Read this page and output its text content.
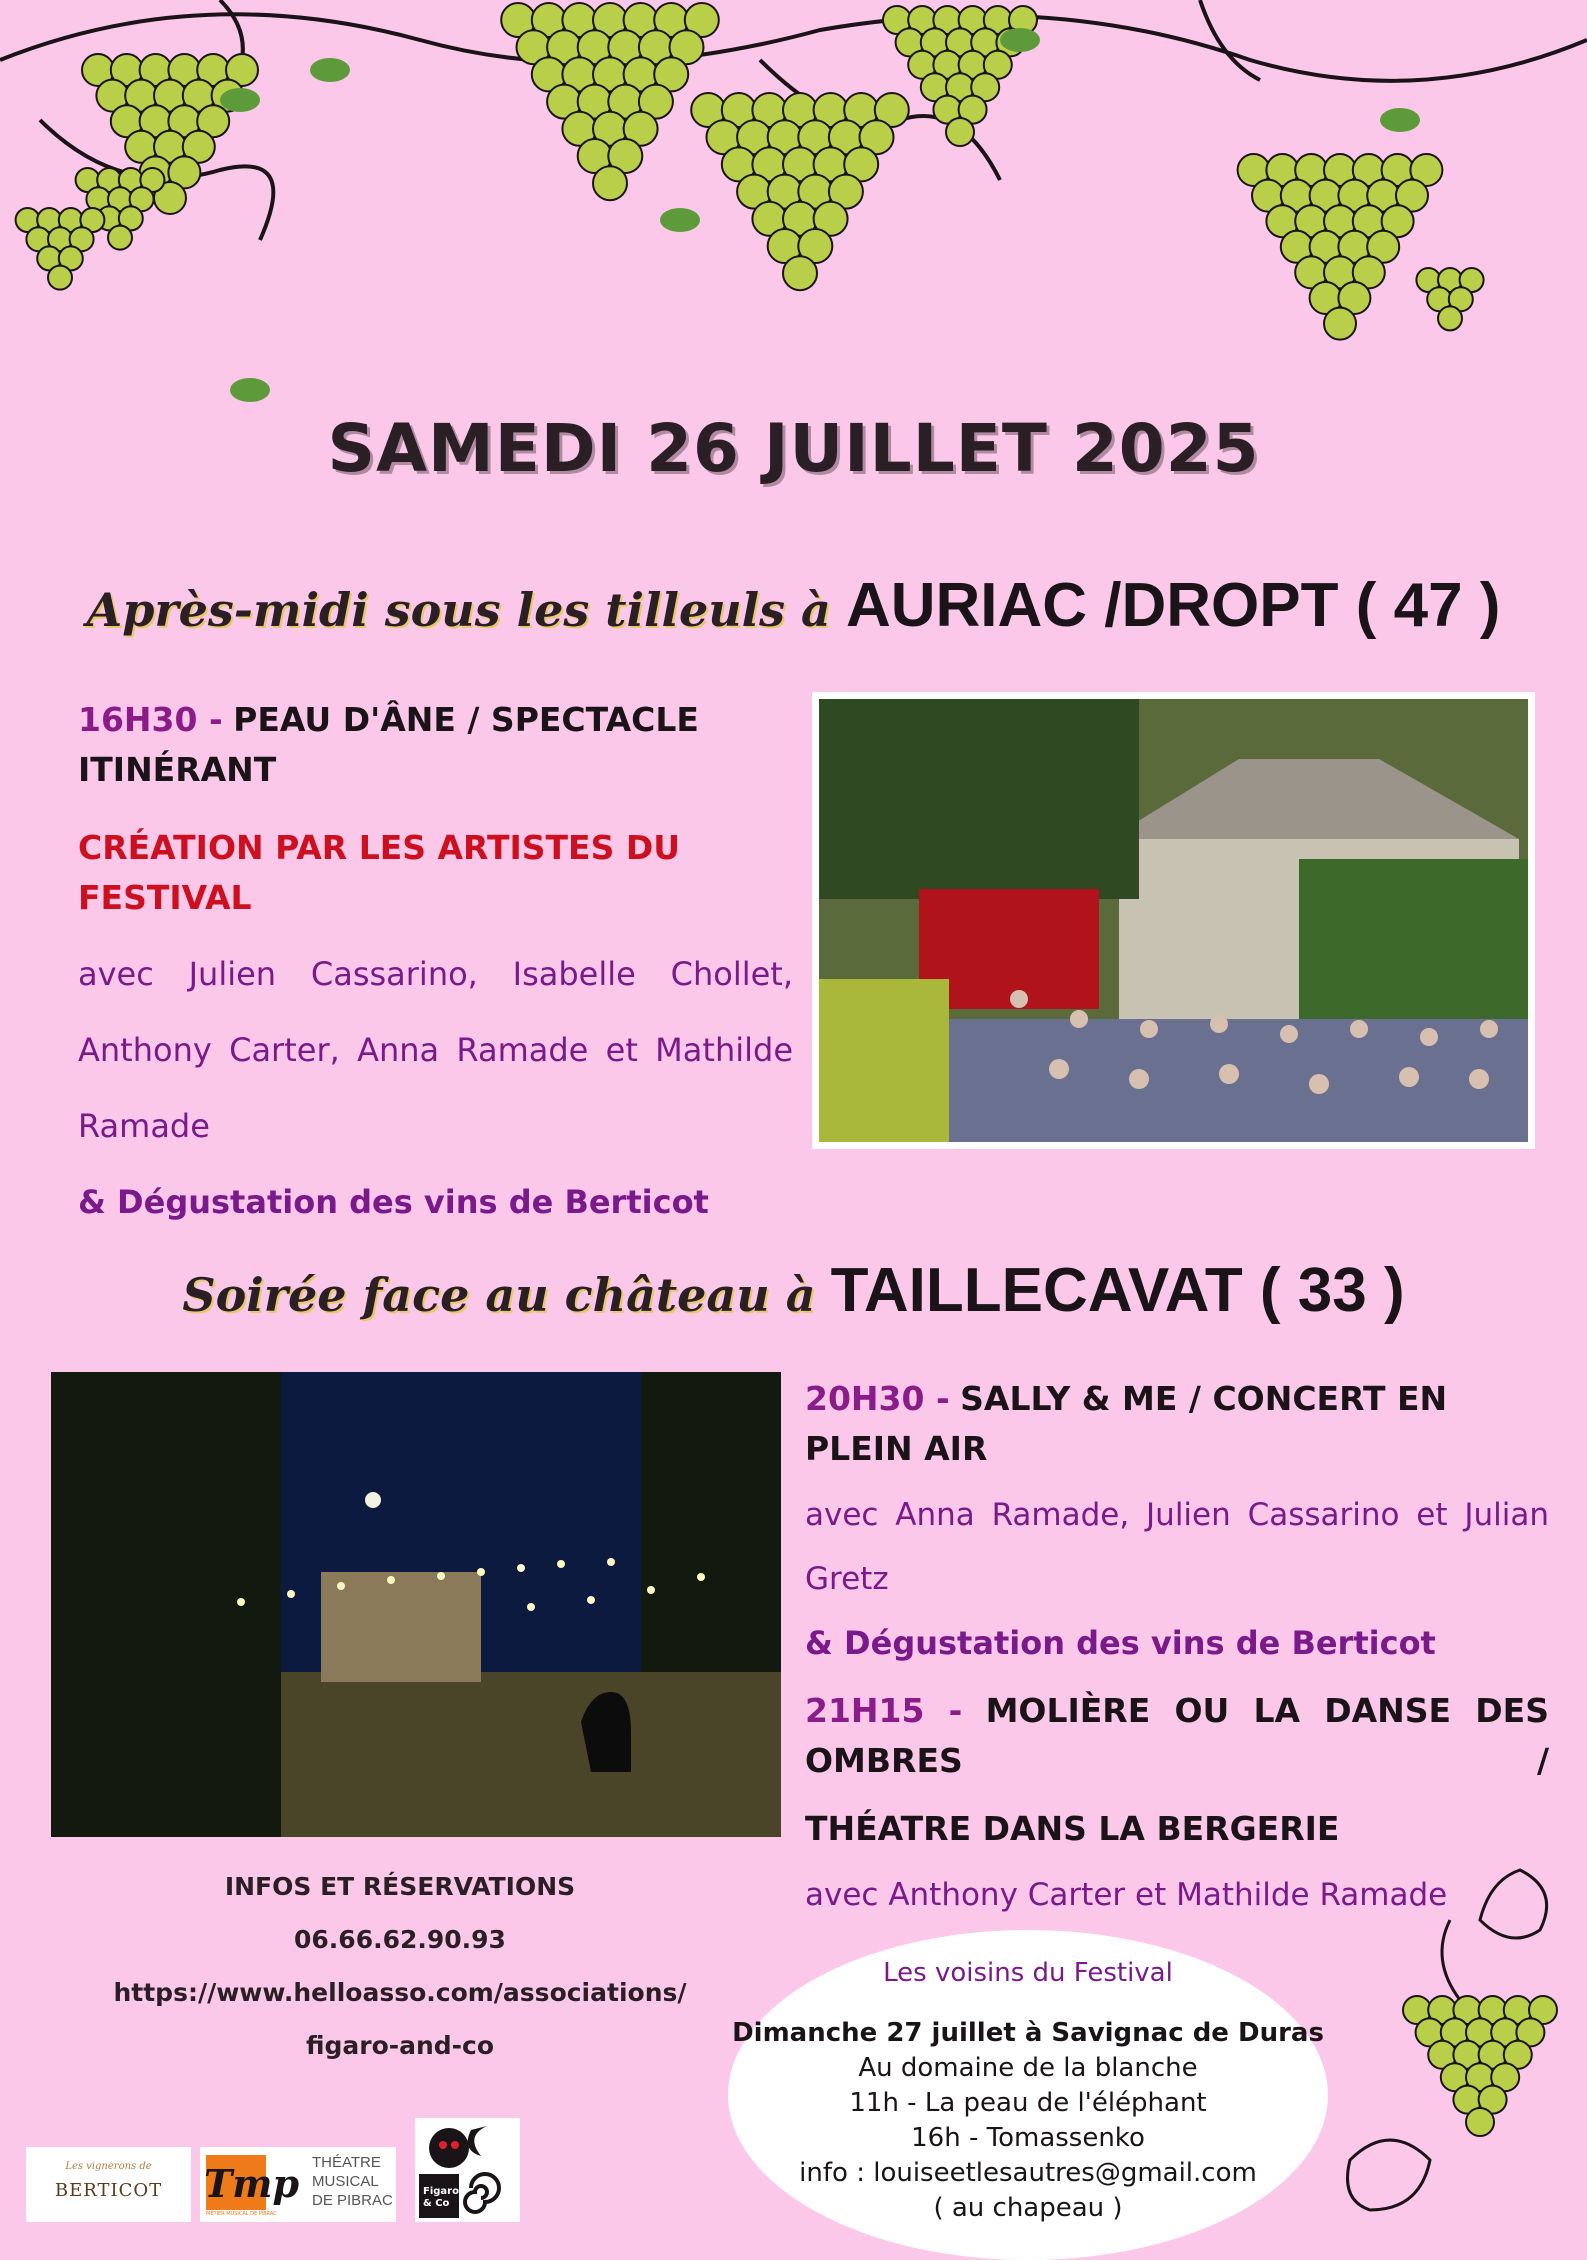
SAMEDI 26 JUILLET 2025
Après-midi sous les tilleuls à AURIAC /DROPT ( 47 )
16H30 - PEAU D'ÂNE / SPECTACLE ITINÉRANT
CRÉATION PAR LES ARTISTES DU FESTIVAL
avec Julien Cassarino, Isabelle Chollet,
Anthony Carter, Anna Ramade et Mathilde
Ramade
& Dégustation des vins de Berticot
Soirée face au château à TAILLECAVAT ( 33 )
20H30 - SALLY & ME / CONCERT EN PLEIN AIR
avec Anna Ramade, Julien Cassarino et Julian
Gretz
& Dégustation des vins de Berticot
21H15 - MOLIÈRE OU LA DANSE DES OMBRES /
THÉATRE DANS LA BERGERIE
avec Anthony Carter et Mathilde Ramade
INFOS ET RÉSERVATIONS
06.66.62.90.93
https://www.helloasso.com/associations/
figaro-and-co
Les vignerons de
BERTICOT	Tmp
MÉTIER MUSICAL DE PIBRAC
THÉATRE
MUSICAL
DE PIBRAC
Figaro & Co
Les voisins du Festival
Dimanche 27 juillet à Savignac de Duras
Au domaine de la blanche
11h - La peau de l'éléphant
16h - Tomassenko
info : louiseetlesautres@gmail.com
( au chapeau )
